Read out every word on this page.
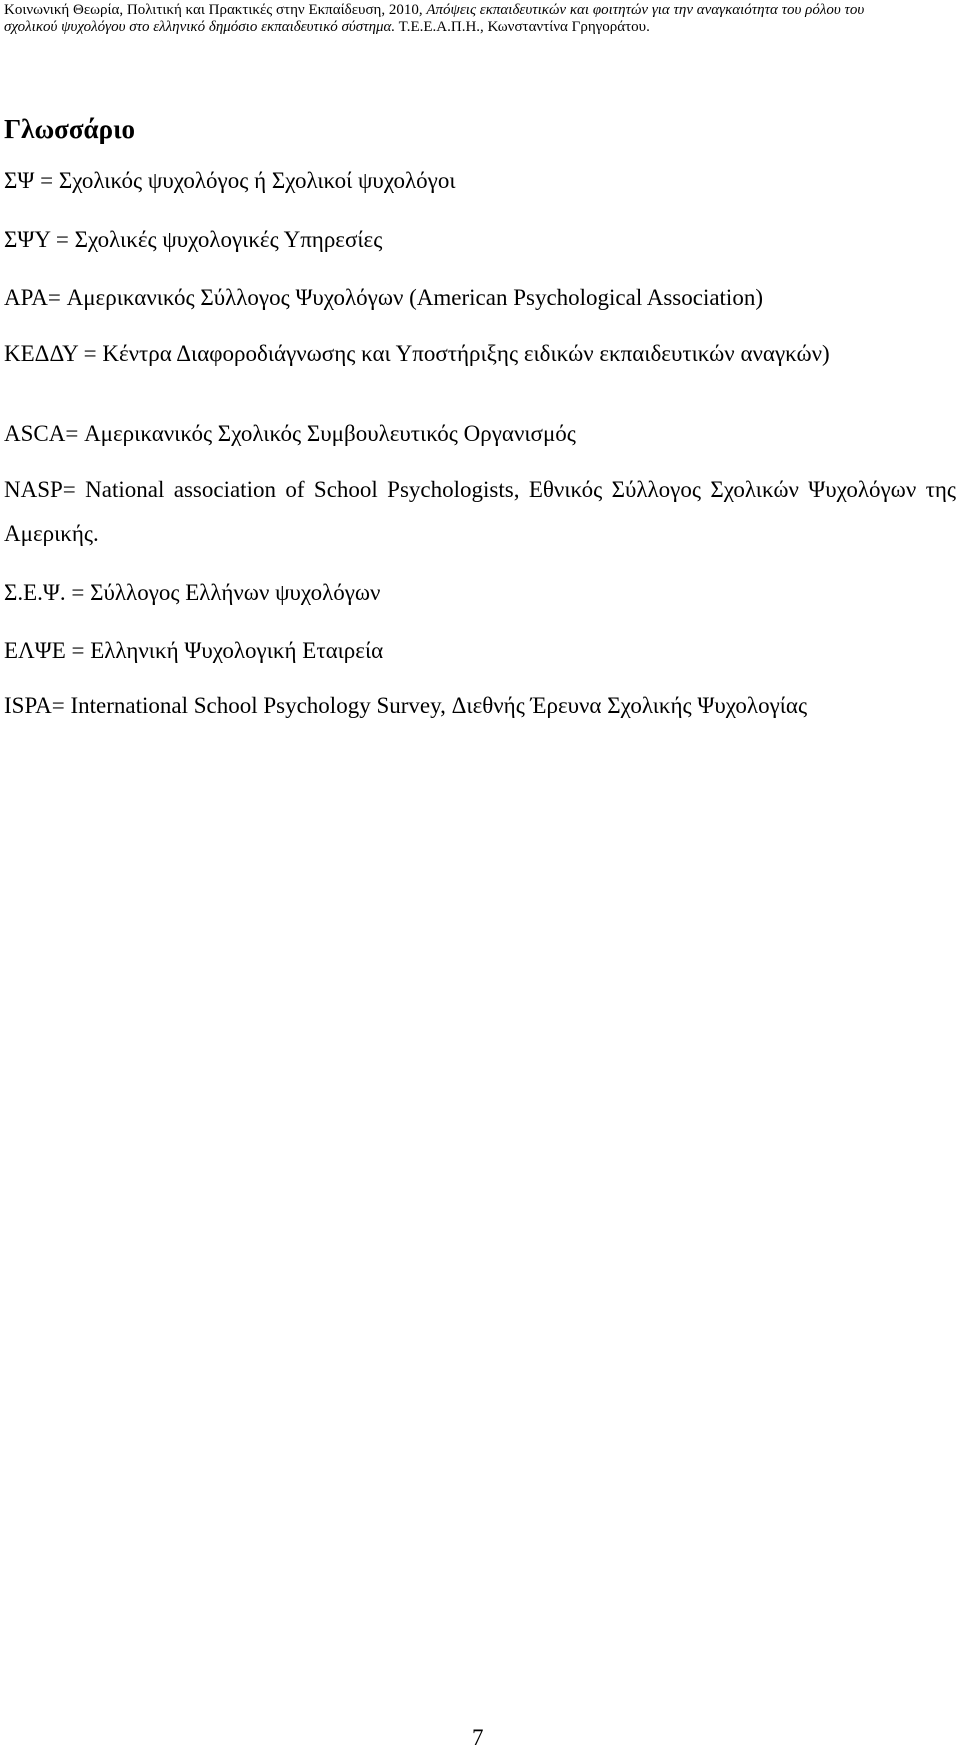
Κοινωνική Θεωρία, Πολιτική και Πρακτικές στην Εκπαίδευση, 2010, Απόψεις εκπαιδευτικών και φοιτητών για την αναγκαιότητα του ρόλου του
σχολικού ψυχολόγου στο ελληνικό δημόσιο εκπαιδευτικό σύστημα. Τ.Ε.Ε.Α.Π.Η., Κωνσταντίνα Γρηγοράτου.
Γλωσσάριο

ΣΨ = Σχολικός ψυχολόγος ή Σχολικοί ψυχολόγοι

ΣΨΥ = Σχολικές ψυχολογικές Υπηρεσίες

APA= Αμερικανικός Σύλλογος Ψυχολόγων (American Psychological Association)

ΚΕΔΔΥ = Κέντρα Διαφοροδιάγνωσης και Υποστήριξης ειδικών εκπαιδευτικών αναγκών)

ASCA= Αμερικανικός Σχολικός Συμβουλευτικός Οργανισμός

NASP= National association of School Psychologists, Εθνικός Σύλλογος Σχολικών Ψυχολόγων της Αμερικής.

Σ.Ε.Ψ. = Σύλλογος Ελλήνων ψυχολόγων

ΕΛΨΕ = Ελληνική Ψυχολογική Εταιρεία

ISPA= International School Psychology Survey, Διεθνής Έρευνα Σχολικής Ψυχολογίας

7
